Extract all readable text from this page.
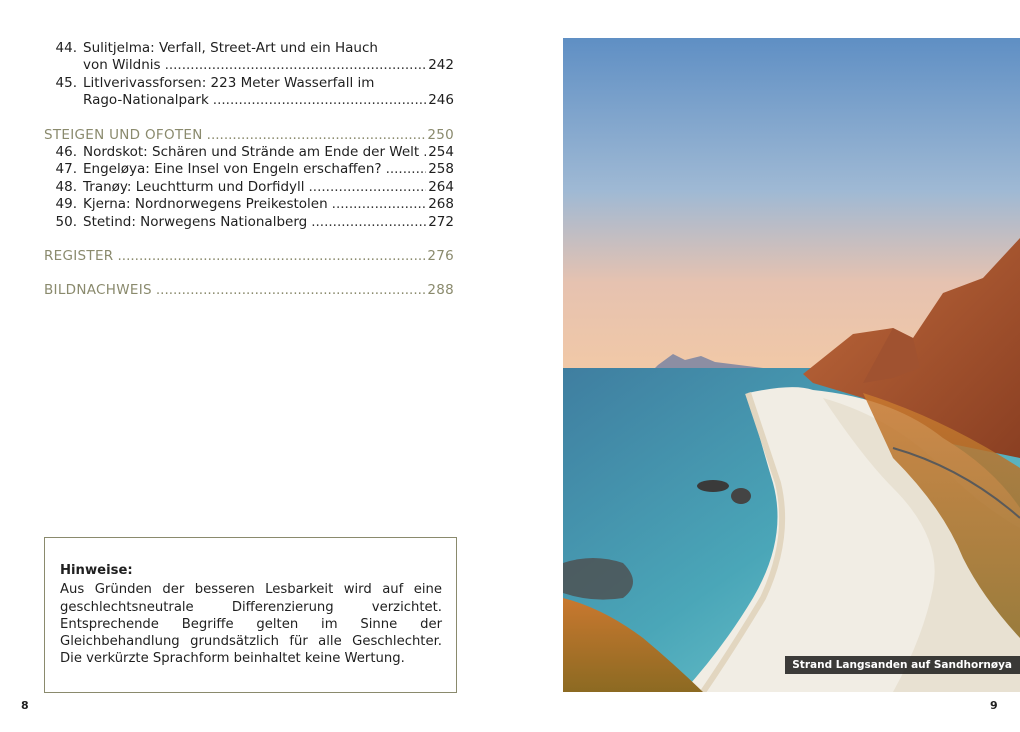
44. Sulitjelma: Verfall, Street-Art und ein Hauch
von Wildnis .....	242
45. Litlverivassforsen: 223 Meter Wasserfall im
Rago-Nationalpark .....	246
STEIGEN UND OFOTEN .....	250
46. Nordskot: Schären und Strände am Ende der Welt ..... 254
47. Engeløya: Eine Insel von Engeln erschaffen? .....	258
48. Tranøy: Leuchtturm und Dorfidyll .....	264
49. Kjerna: Nordnorwegens Preikestolen .....	268
50. Stetind: Norwegens Nationalberg .....	272
REGISTER .....	276
BILDNACHWEIS .....	288
Hinweise:
Aus Gründen der besseren Lesbarkeit wird auf eine geschlechtsneutrale Differenzierung verzichtet. Entsprechende Begriffe gelten im Sinne der Gleichbehandlung grundsätzlich für alle Geschlechter. Die verkürzte Sprachform beinhaltet keine Wertung.
8	9
Strand Langsanden auf Sandhornøya
